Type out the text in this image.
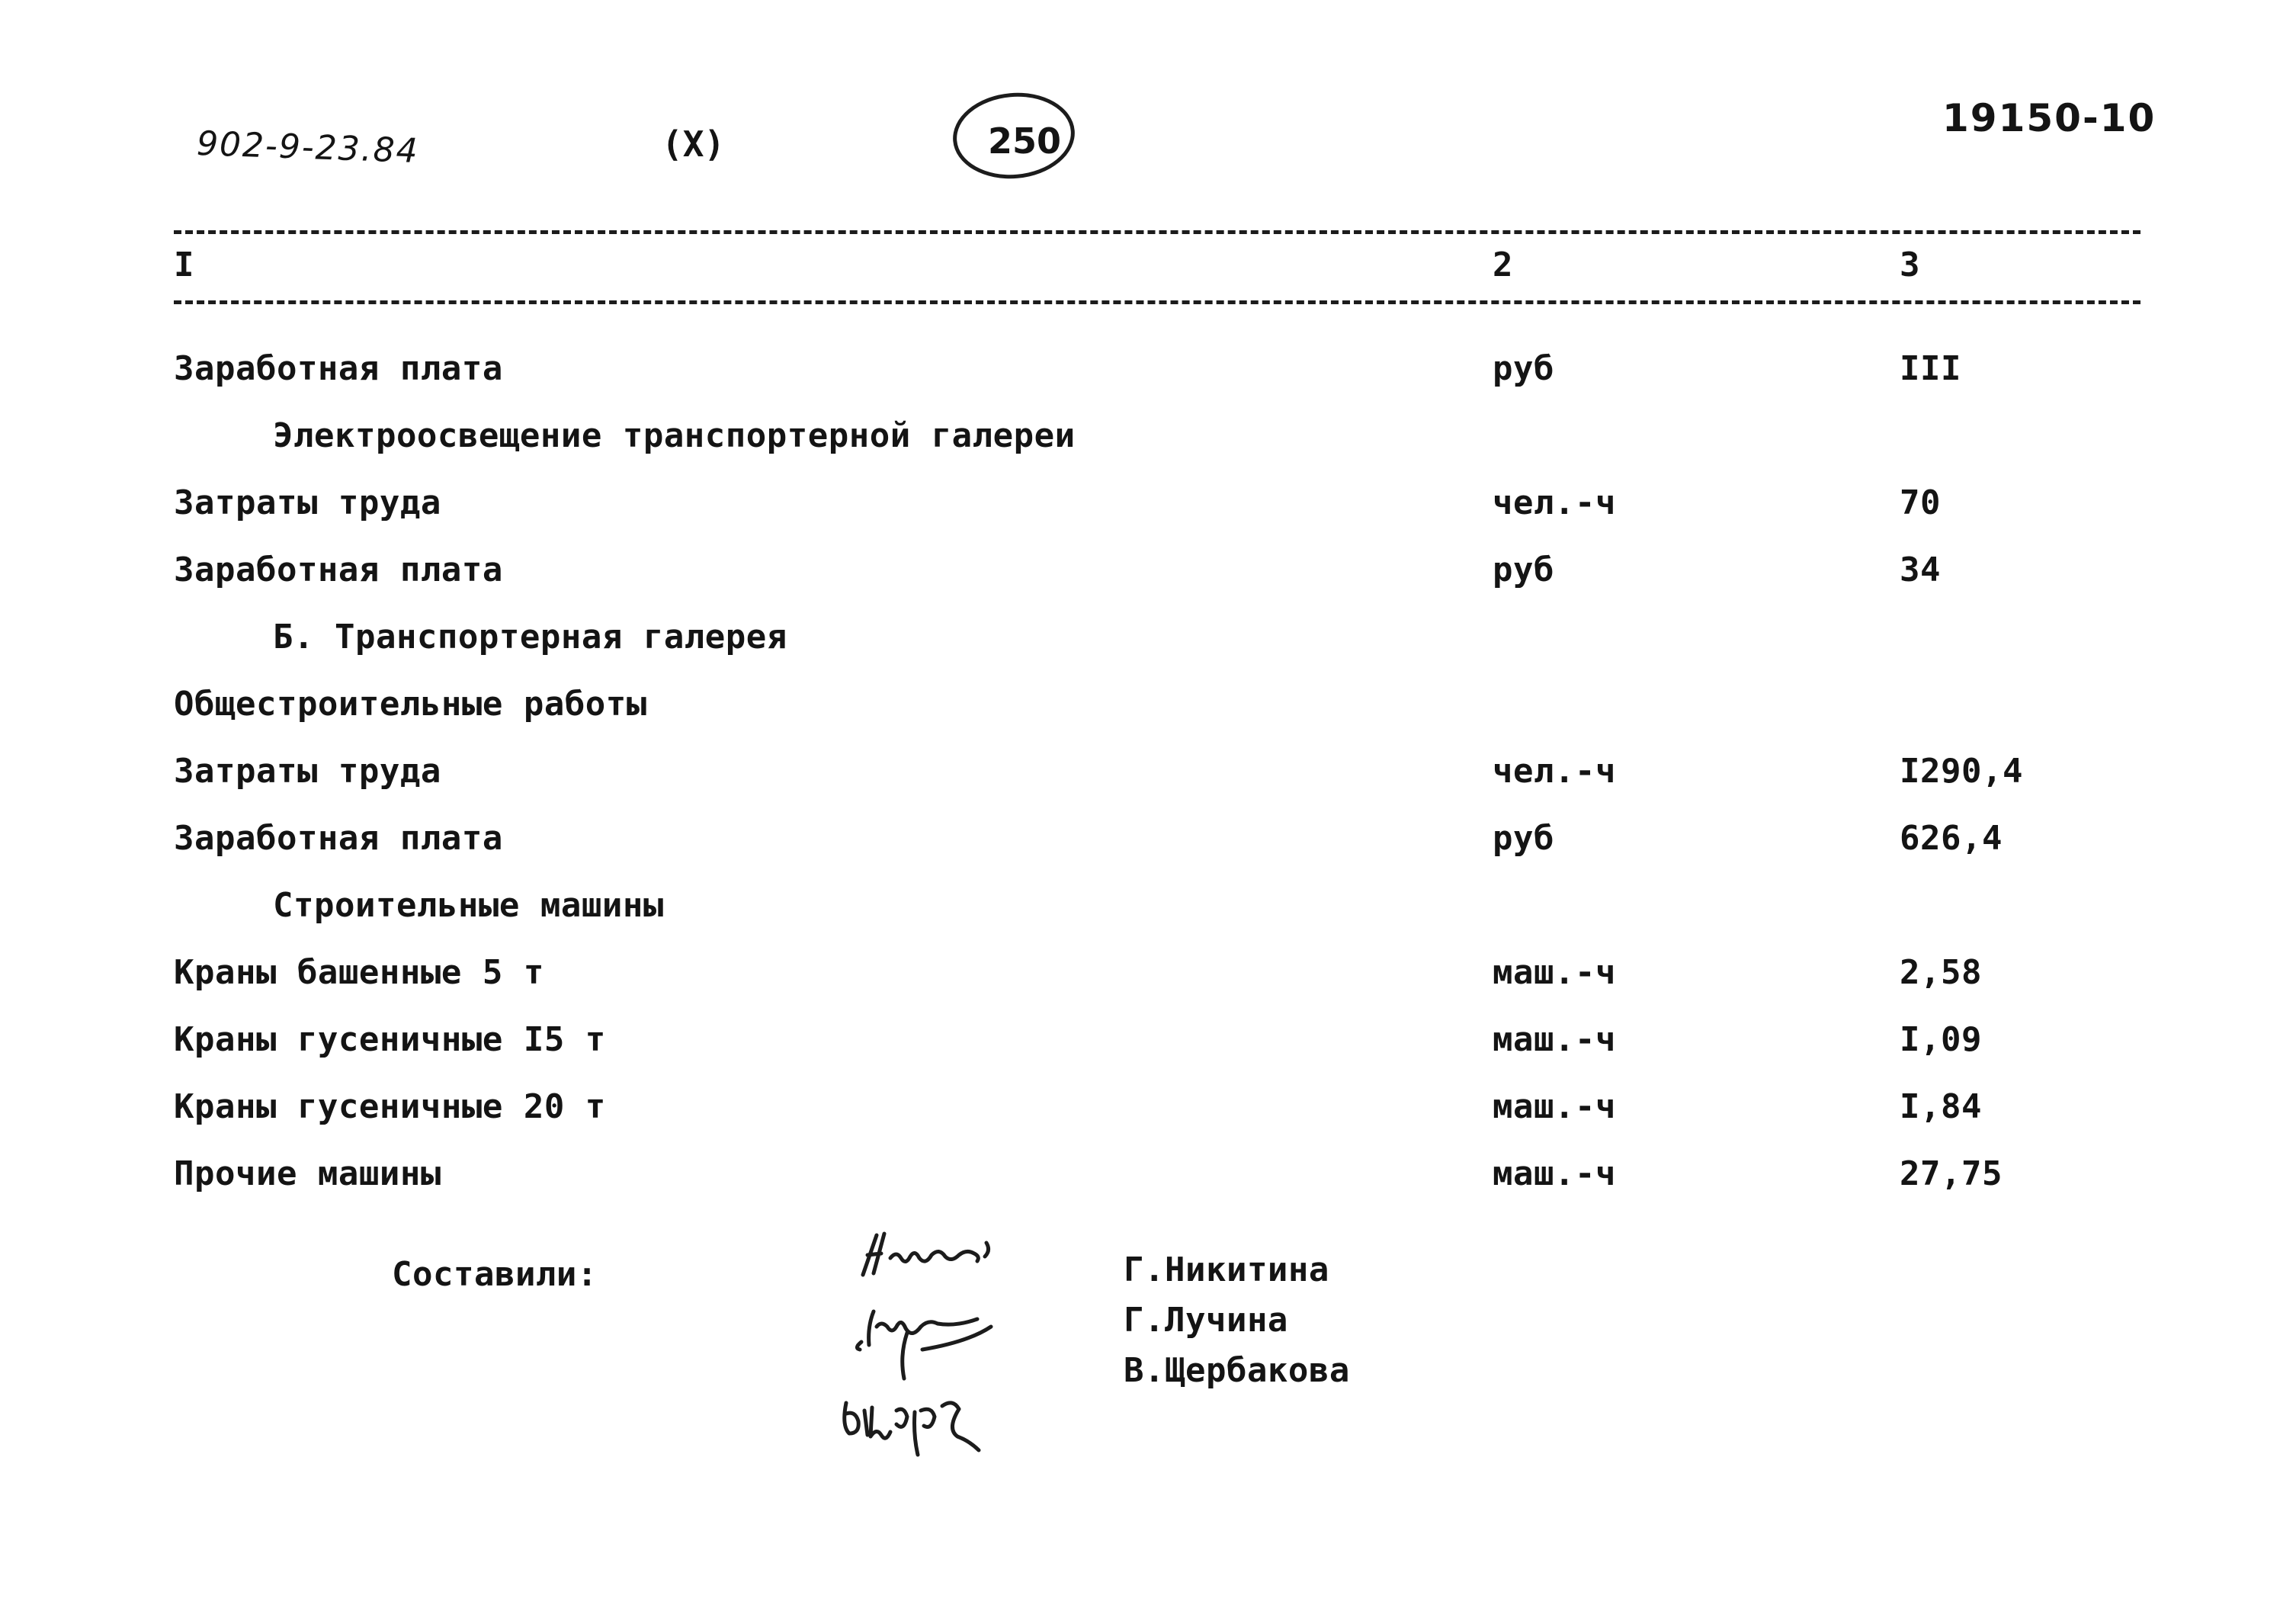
902-9-23.84	(X)	250
19150-10
I	2	3
Заработная плата	руб	III
Электроосвещение транспортерной галереи
Затраты труда	чел.-ч	70
Заработная плата	руб	34
Б. Транспортерная галерея
Общестроительные работы
Затраты труда	чел.-ч	I290,4
Заработная плата	руб	626,4
Строительные машины
Краны башенные 5 т	маш.-ч	2,58
Краны гусеничные I5 т	маш.-ч	I,09
Краны гусеничные 20 т	маш.-ч	I,84
Прочие машины	маш.-ч	27,75
Составили:	Г.Никитина
Г.Лучина
В.Щербакова
